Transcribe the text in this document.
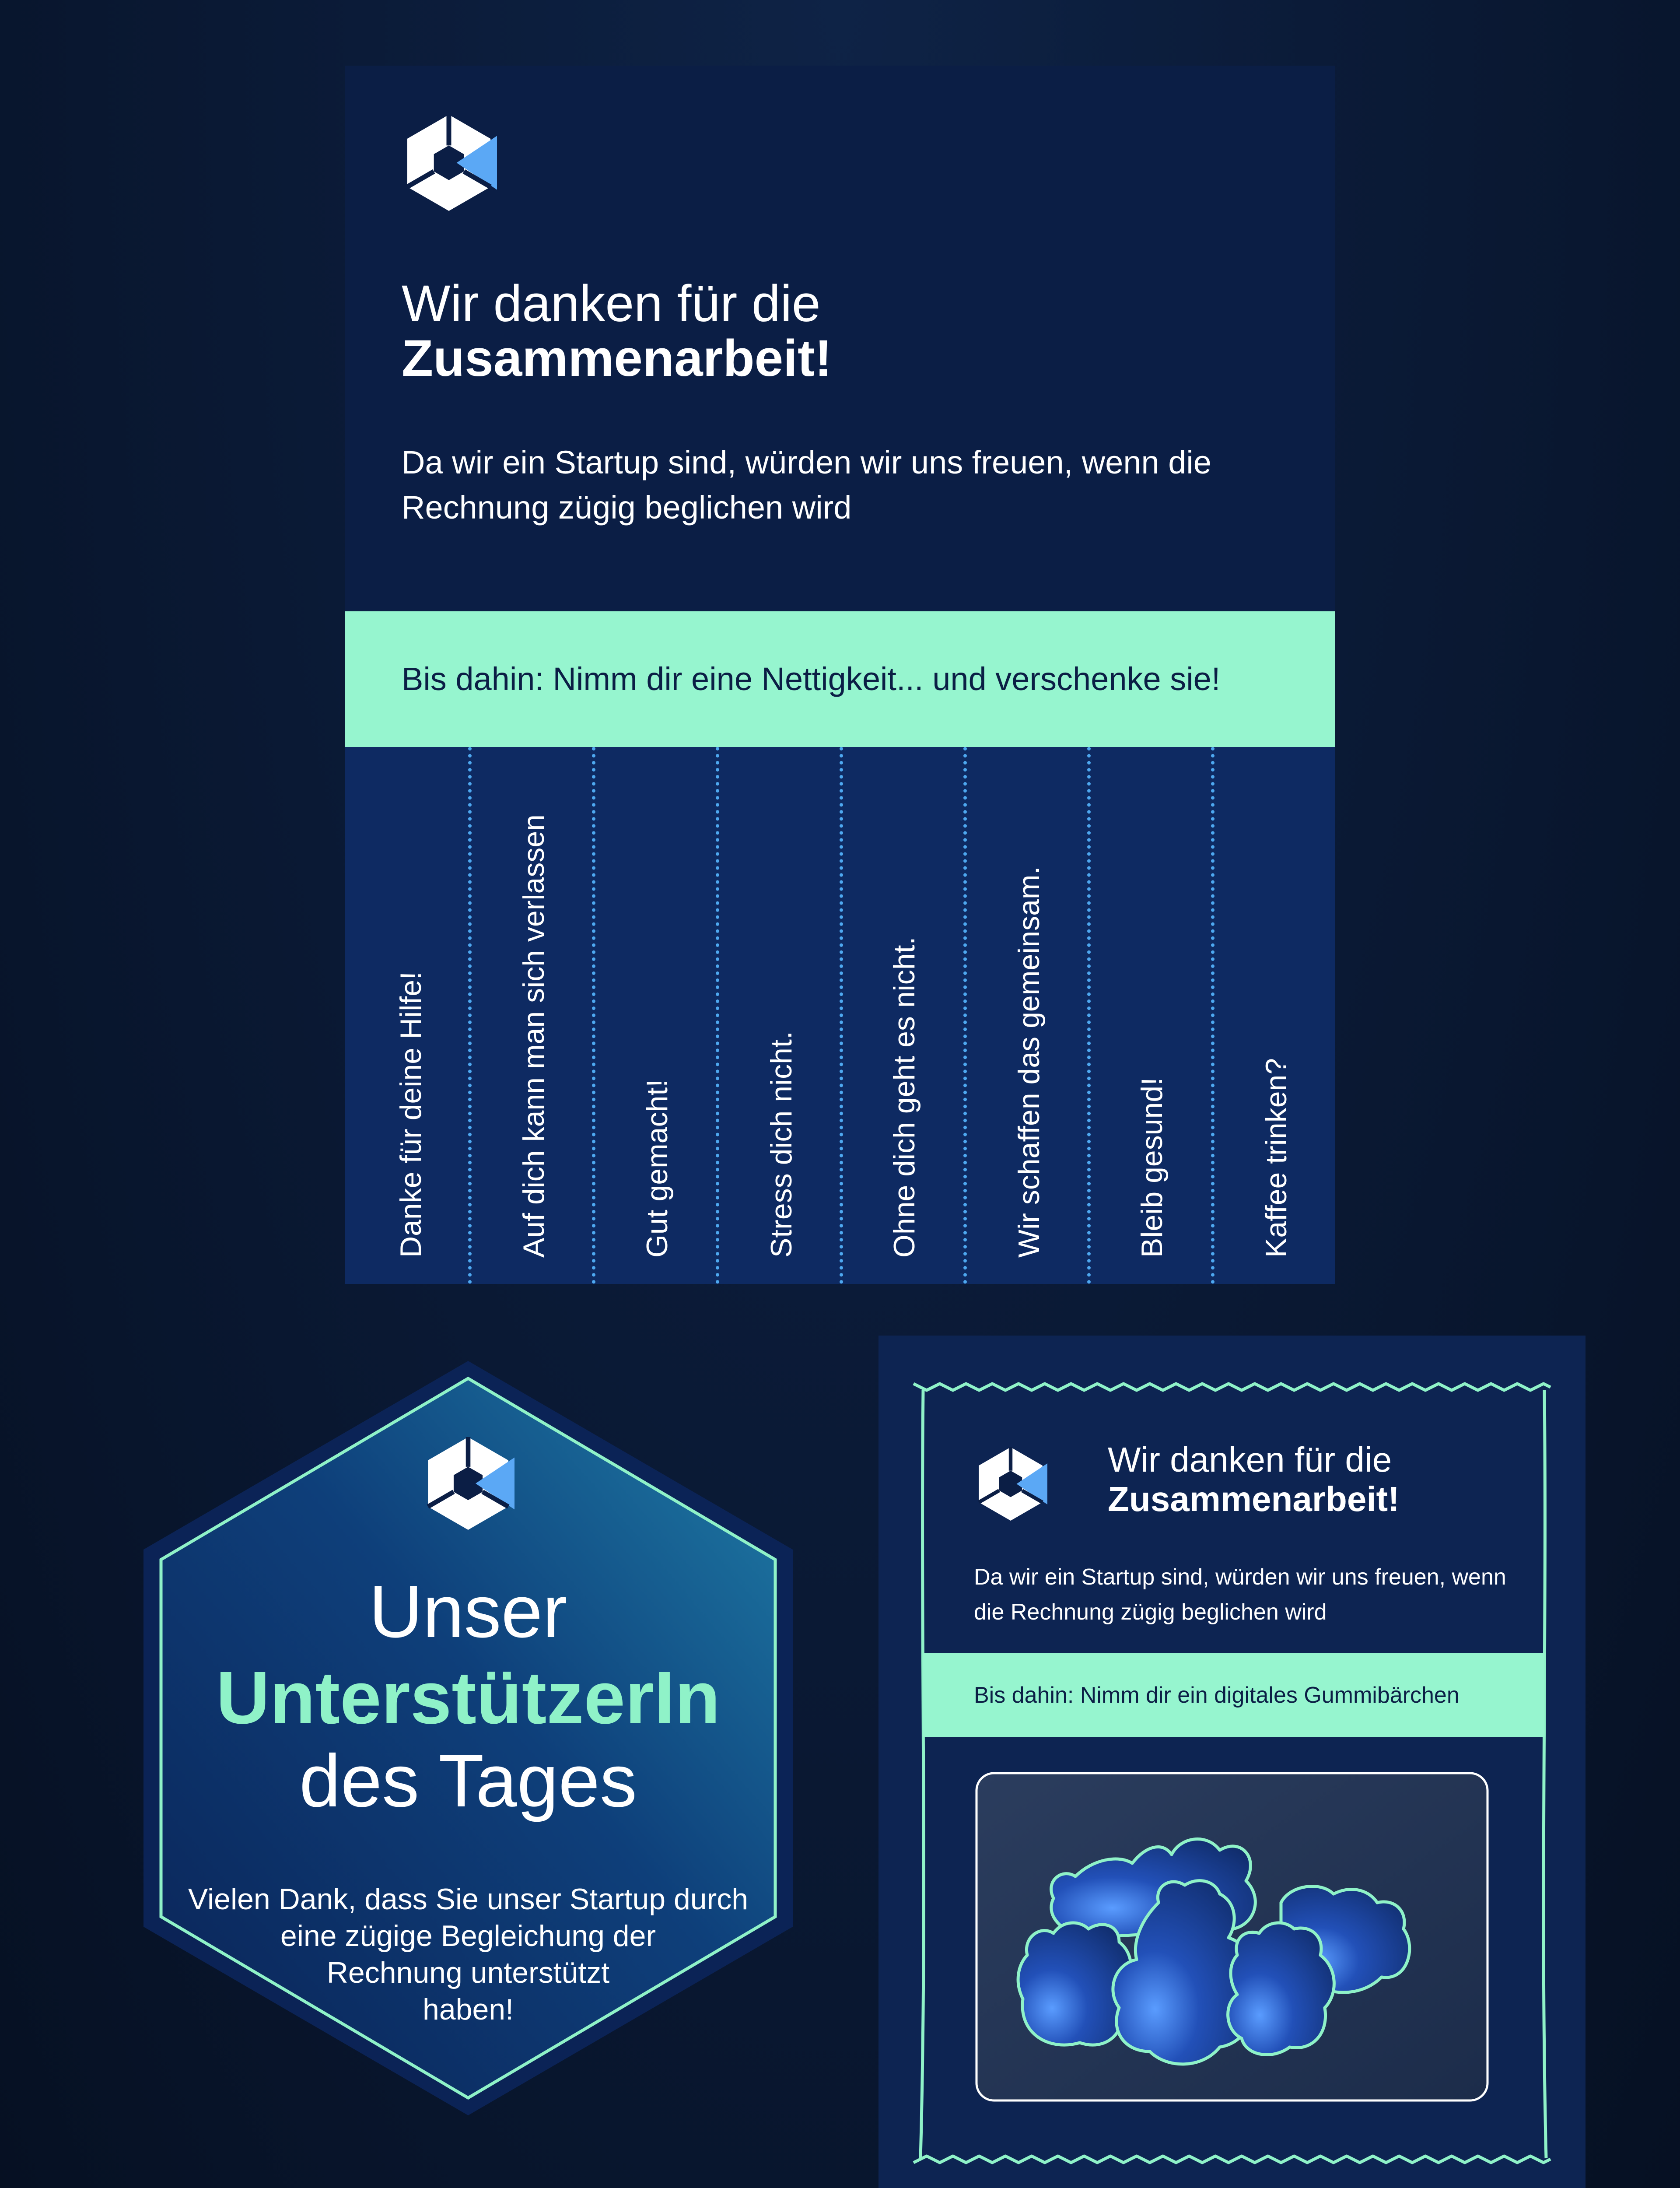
Wir danken für die
Zusammenarbeit!
Da wir ein Startup sind, würden wir uns freuen, wenn die Rechnung zügig beglichen wird
Bis dahin: Nimm dir eine Nettigkeit... und verschenke sie!
Danke für deine Hilfe!	Auf dich kann man sich verlassen	Gut gemacht!	Stress dich nicht.	Ohne dich geht es nicht.	Wir schaffen das gemeinsam.	Bleib gesund!	Kaffee trinken?
Unser
UnterstützerIn
des Tages
Vielen Dank, dass Sie unser Startup durch
eine zügige Begleichung der
Rechnung unterstützt
haben!
Wir danken für die
Zusammenarbeit!
Da wir ein Startup sind, würden wir uns freuen, wenn die Rechnung zügig beglichen wird
Bis dahin: Nimm dir ein digitales Gummibärchen
